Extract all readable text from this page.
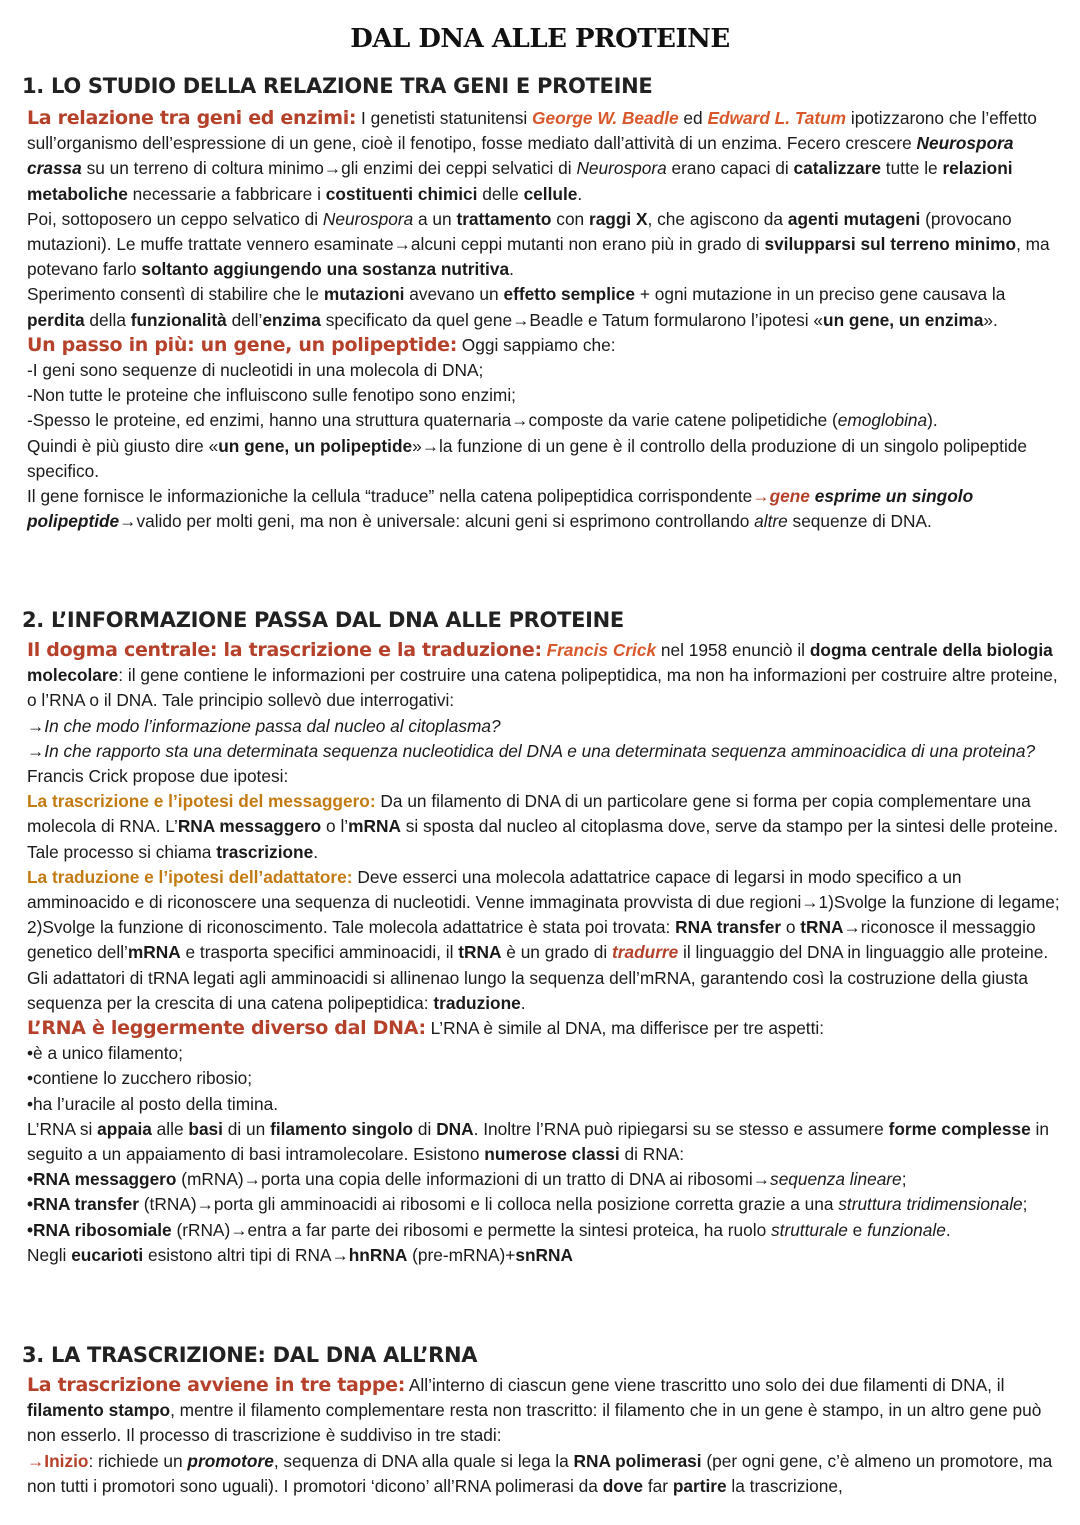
DAL DNA ALLE PROTEINE
1. LO STUDIO DELLA RELAZIONE TRA GENI E PROTEINE

La relazione tra geni ed enzimi: I genetisti statunitensi George W. Beadle ed Edward L. Tatum ipotizzarono che l’effetto sull’organismo dell’espressione di un gene, cioè il fenotipo, fosse mediato dall’attività di un enzima. Fecero crescere Neurospora crassa su un terreno di coltura minimo→gli enzimi dei ceppi selvatici di Neurospora erano capaci di catalizzare tutte le relazioni metaboliche necessarie a fabbricare i costituenti chimici delle cellule.

Poi, sottoposero un ceppo selvatico di Neurospora a un trattamento con raggi X, che agiscono da agenti mutageni (provocano mutazioni). Le muffe trattate vennero esaminate→alcuni ceppi mutanti non erano più in grado di svilupparsi sul terreno minimo, ma potevano farlo soltanto aggiungendo una sostanza nutritiva.

Sperimento consentì di stabilire che le mutazioni avevano un effetto semplice + ogni mutazione in un preciso gene causava la perdita della funzionalità dell’enzima specificato da quel gene→Beadle e Tatum formularono l’ipotesi «un gene, un enzima».

Un passo in più: un gene, un polipeptide: Oggi sappiamo che:

-I geni sono sequenze di nucleotidi in una molecola di DNA;

-Non tutte le proteine che influiscono sulle fenotipo sono enzimi;

-Spesso le proteine, ed enzimi, hanno una struttura quaternaria→composte da varie catene polipetidiche (emoglobina).

Quindi è più giusto dire «un gene, un polipeptide»→la funzione di un gene è il controllo della produzione di un singolo polipeptide specifico.

Il gene fornisce le informazioniche la cellula “traduce” nella catena polipeptidica corrispondente→gene esprime un singolo polipeptide→valido per molti geni, ma non è universale: alcuni geni si esprimono controllando altre sequenze di DNA.

2. L’INFORMAZIONE PASSA DAL DNA ALLE PROTEINE

Il dogma centrale: la trascrizione e la traduzione: Francis Crick nel 1958 enunciò il dogma centrale della biologia molecolare: il gene contiene le informazioni per costruire una catena polipeptidica, ma non ha informazioni per costruire altre proteine, o l’RNA o il DNA. Tale principio sollevò due interrogativi:

→In che modo l’informazione passa dal nucleo al citoplasma?

→In che rapporto sta una determinata sequenza nucleotidica del DNA e una determinata sequenza amminoacidica di una proteina?

Francis Crick propose due ipotesi:

La trascrizione e l’ipotesi del messaggero: Da un filamento di DNA di un particolare gene si forma per copia complementare una molecola di RNA. L’RNA messaggero o l’mRNA si sposta dal nucleo al citoplasma dove, serve da stampo per la sintesi delle proteine. Tale processo si chiama trascrizione.

La traduzione e l’ipotesi dell’adattatore: Deve esserci una molecola adattatrice capace di legarsi in modo specifico a un amminoacido e di riconoscere una sequenza di nucleotidi. Venne immaginata provvista di due regioni→1)Svolge la funzione di legame; 2)Svolge la funzione di riconoscimento. Tale molecola adattatrice è stata poi trovata: RNA transfer o tRNA→riconosce il messaggio genetico dell’mRNA e trasporta specifici amminoacidi, il tRNA è un grado di tradurre il linguaggio del DNA in linguaggio alle proteine. Gli adattatori di tRNA legati agli amminoacidi si allinenao lungo la sequenza dell’mRNA, garantendo così la costruzione della giusta sequenza per la crescita di una catena polipeptidica: traduzione.

L’RNA è leggermente diverso dal DNA: L’RNA è simile al DNA, ma differisce per tre aspetti:

•è a unico filamento;

•contiene lo zucchero ribosio;

•ha l’uracile al posto della timina.

L’RNA si appaia alle basi di un filamento singolo di DNA. Inoltre l’RNA può ripiegarsi su se stesso e assumere forme complesse in seguito a un appaiamento di basi intramolecolare. Esistono numerose classi di RNA:

•RNA messaggero (mRNA)→porta una copia delle informazioni di un tratto di DNA ai ribosomi→sequenza lineare;

•RNA transfer (tRNA)→porta gli amminoacidi ai ribosomi e li colloca nella posizione corretta grazie a una struttura tridimensionale;

•RNA ribosomiale (rRNA)→entra a far parte dei ribosomi e permette la sintesi proteica, ha ruolo strutturale e funzionale.

Negli eucarioti esistono altri tipi di RNA→hnRNA (pre-mRNA)+snRNA

3. LA TRASCRIZIONE: DAL DNA ALL’RNA

La trascrizione avviene in tre tappe: All’interno di ciascun gene viene trascritto uno solo dei due filamenti di DNA, il filamento stampo, mentre il filamento complementare resta non trascritto: il filamento che in un gene è stampo, in un altro gene può non esserlo. Il processo di trascrizione è suddiviso in tre stadi:

→Inizio: richiede un promotore, sequenza di DNA alla quale si lega la RNA polimerasi (per ogni gene, c’è almeno un promotore, ma non tutti i promotori sono uguali). I promotori ‘dicono’ all’RNA polimerasi da dove far partire la trascrizione,
